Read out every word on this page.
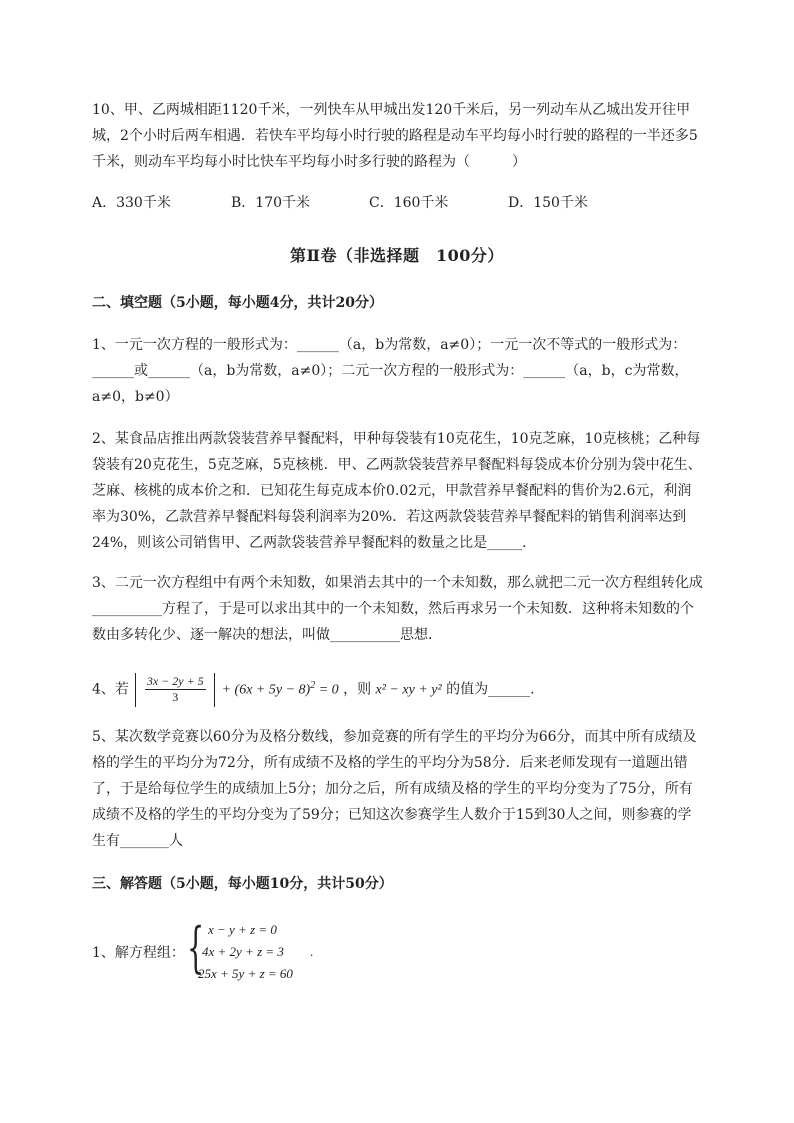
10、甲、乙两城相距1120千米，一列快车从甲城出发120千米后，另一列动车从乙城出发开往甲
城，2个小时后两车相遇．若快车平均每小时行驶的路程是动车平均每小时行驶的路程的一半还多5
千米，则动车平均每小时比快车平均每小时多行驶的路程为（　　　）
A．330千米	B．170千米	C．160千米	D．150千米
第Ⅱ卷（非选择题　100分）
二、填空题（5小题，每小题4分，共计20分）
1、一元一次方程的一般形式为：______（a，b为常数，a≠0）；一元一次不等式的一般形式为：
______或______（a，b为常数，a≠0）；二元一次方程的一般形式为：______（a，b，c为常数，
a≠0，b≠0）
2、某食品店推出两款袋装营养早餐配料，甲种每袋装有10克花生，10克芝麻，10克核桃；乙种每
袋装有20克花生，5克芝麻，5克核桃．甲、乙两款袋装营养早餐配料每袋成本价分别为袋中花生、
芝麻、核桃的成本价之和．已知花生每克成本价0.02元，甲款营养早餐配料的售价为2.6元，利润
率为30%，乙款营养早餐配料每袋利润率为20%．若这两款袋装营养早餐配料的销售利润率达到
24%，则该公司销售甲、乙两款袋装营养早餐配料的数量之比是_____．
3、二元一次方程组中有两个未知数，如果消去其中的一个未知数，那么就把二元一次方程组转化成
__________方程了，于是可以求出其中的一个未知数，然后再求另一个未知数．这种将未知数的个
数由多转化少、逐一解决的想法，叫做__________思想．
4、若 $\frac{3x - 2y + 5}{3} + (6x + 5y - 8)^2 = 0$ ，则 x² − xy + y² 的值为______.
5、某次数学竞赛以60分为及格分数线，参加竞赛的所有学生的平均分为66分，而其中所有成绩及
格的学生的平均分为72分，所有成绩不及格的学生的平均分为58分．后来老师发现有一道题出错
了，于是给每位学生的成绩加上5分；加分之后，所有成绩及格的学生的平均分变为了75分，所有
成绩不及格的学生的平均分变为了59分；已知这次参赛学生人数介于15到30人之间，则参赛的学
生有_______人
三、解答题（5小题，每小题10分，共计50分）
1、解方程组： { x − y + z = 0
4x + 2y + z = 3
25x + 5y + z = 60
.
